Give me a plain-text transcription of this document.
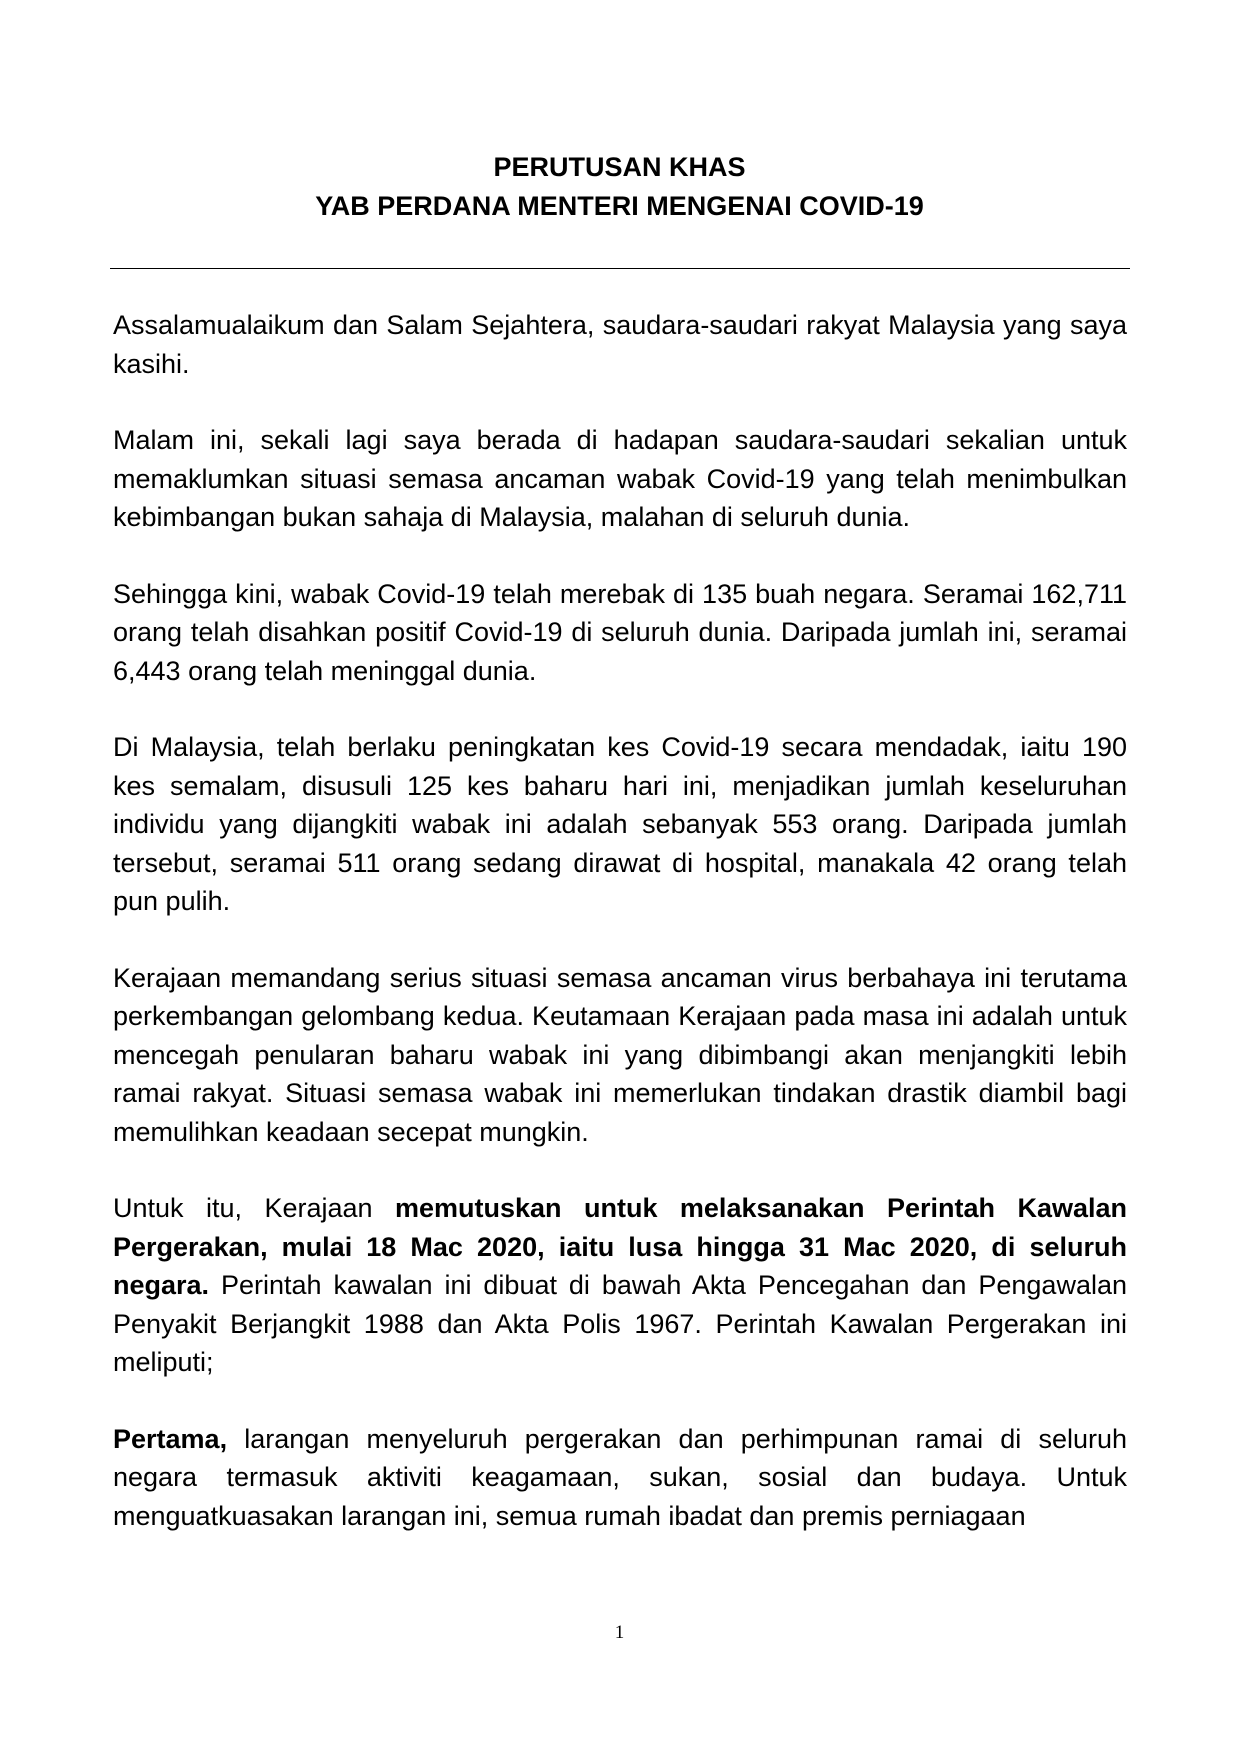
PERUTUSAN KHAS
YAB PERDANA MENTERI MENGENAI COVID-19

Assalamualaikum dan Salam Sejahtera, saudara-saudari rakyat Malaysia yang saya kasihi.

Malam ini, sekali lagi saya berada di hadapan saudara-saudari sekalian untuk memaklumkan situasi semasa ancaman wabak Covid-19 yang telah menimbulkan kebimbangan bukan sahaja di Malaysia, malahan di seluruh dunia.

Sehingga kini, wabak Covid-19 telah merebak di 135 buah negara. Seramai 162,711 orang telah disahkan positif Covid-19 di seluruh dunia. Daripada jumlah ini, seramai 6,443 orang telah meninggal dunia.

Di Malaysia, telah berlaku peningkatan kes Covid-19 secara mendadak, iaitu 190 kes semalam, disusuli 125 kes baharu hari ini, menjadikan jumlah keseluruhan individu yang dijangkiti wabak ini adalah sebanyak 553 orang. Daripada jumlah tersebut, seramai 511 orang sedang dirawat di hospital, manakala 42 orang telah pun pulih.

Kerajaan memandang serius situasi semasa ancaman virus berbahaya ini terutama perkembangan gelombang kedua. Keutamaan Kerajaan pada masa ini adalah untuk mencegah penularan baharu wabak ini yang dibimbangi akan menjangkiti lebih ramai rakyat. Situasi semasa wabak ini memerlukan tindakan drastik diambil bagi memulihkan keadaan secepat mungkin.

Untuk itu, Kerajaan memutuskan untuk melaksanakan Perintah Kawalan Pergerakan, mulai 18 Mac 2020, iaitu lusa hingga 31 Mac 2020, di seluruh negara. Perintah kawalan ini dibuat di bawah Akta Pencegahan dan Pengawalan Penyakit Berjangkit 1988 dan Akta Polis 1967. Perintah Kawalan Pergerakan ini meliputi;

Pertama, larangan menyeluruh pergerakan dan perhimpunan ramai di seluruh negara termasuk aktiviti keagamaan, sukan, sosial dan budaya. Untuk menguatkuasakan larangan ini, semua rumah ibadat dan premis perniagaan

1
